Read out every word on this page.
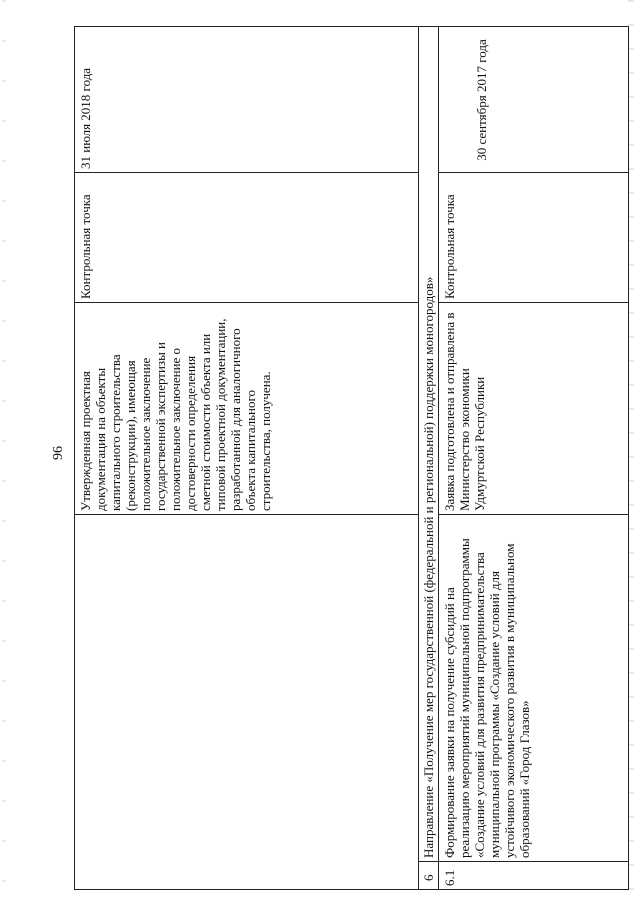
96 Утвержденная проектная документация на объекты капитального строительства (реконструкции), имеющая положительное заключение государственной экспертизы и положительное заключение о достоверности определения сметной стоимости объекта или типовой проектной документации, разработанной для аналогичного объекта капитального строительства, получена.
Контрольная точка
31 июля 2018 года
6
Направление «Получение мер государственной (федеральной и региональной) поддержки моногородов»
6.1
Формирование заявки на получение субсидий на реализацию мероприятий муниципальной подпрограммы «Создание условий для развития предпринимательства муниципальной программы «Создание условий для устойчивого экономического развития в муниципальном образований «Город Глазов»
Заявка подготовлена и отправлена в Министерство экономики Удмуртской Республики
Контрольная точка
30 сентября 2017 года
